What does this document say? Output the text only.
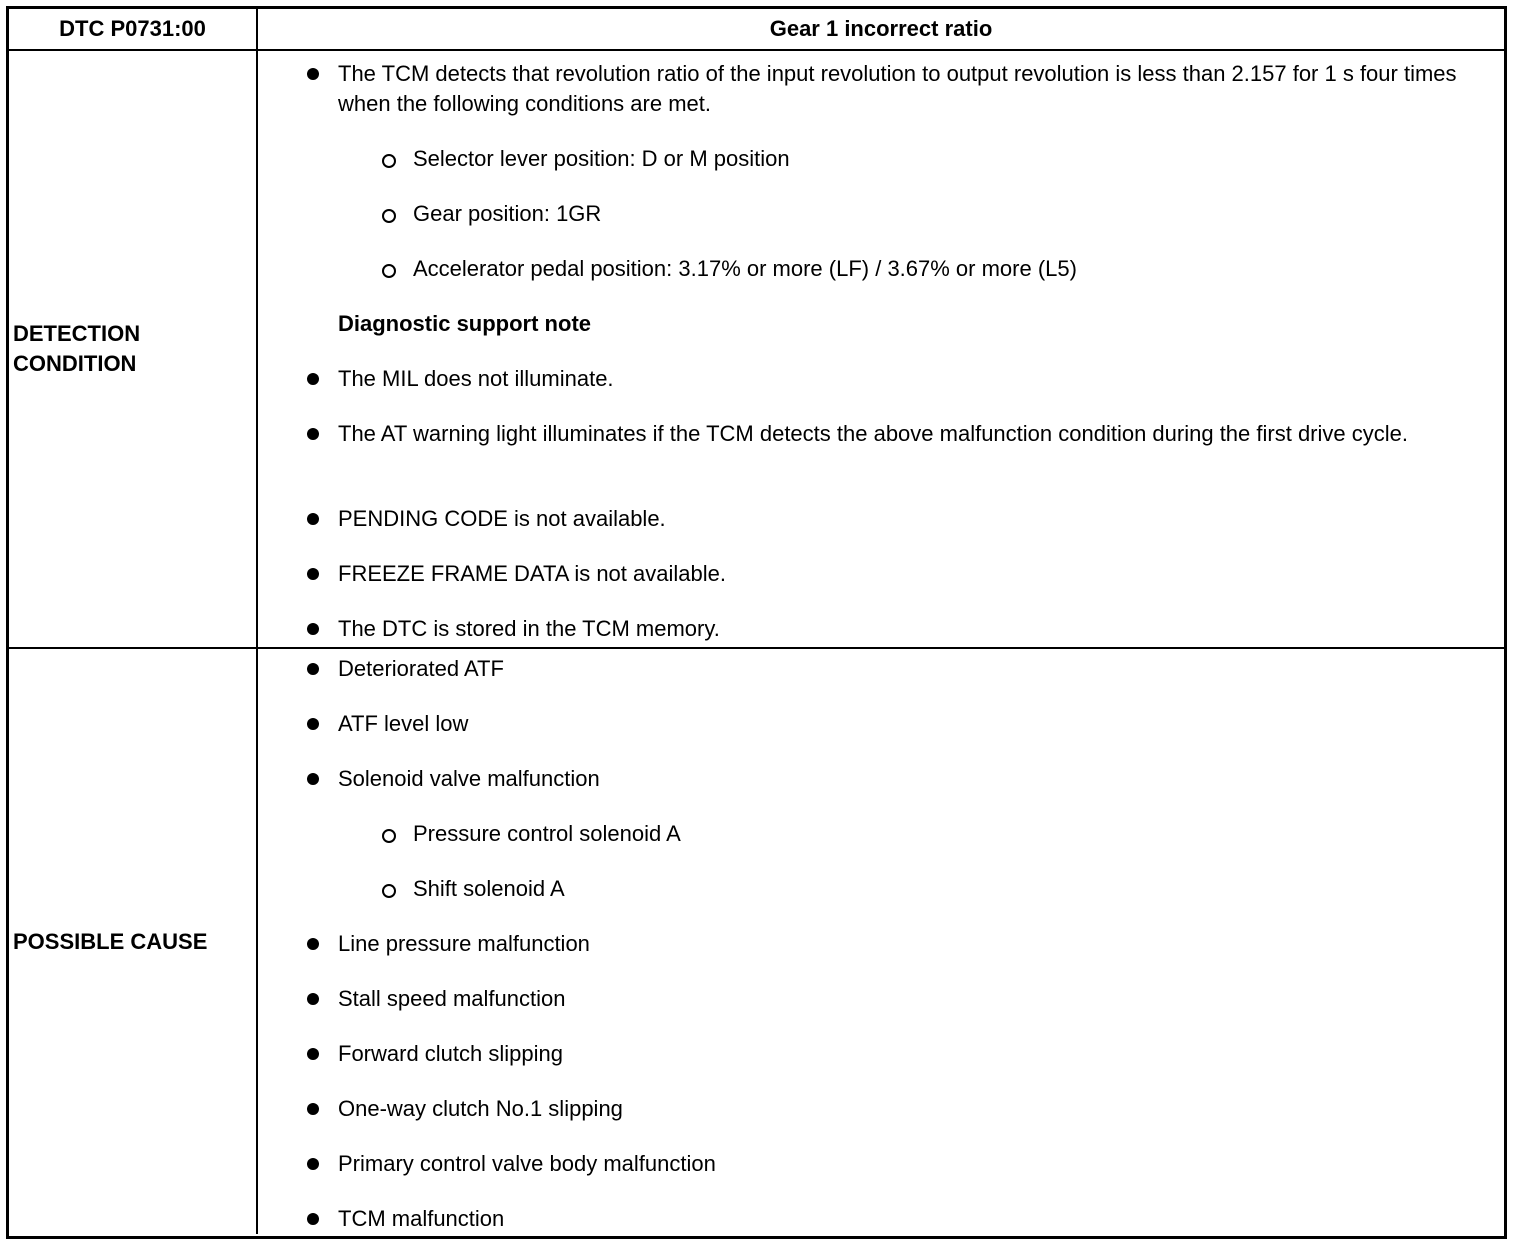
DTC P0731:00	Gear 1 incorrect ratio
DETECTION CONDITION
The TCM detects that revolution ratio of the input revolution to output revolution is less than 2.157 for 1 s four times when the following conditions are met.
Selector lever position: D or M position
Gear position: 1GR
Accelerator pedal position: 3.17% or more (LF) / 3.67% or more (L5)
Diagnostic support note
The MIL does not illuminate.
The AT warning light illuminates if the TCM detects the above malfunction condition during the first drive cycle.
PENDING CODE is not available.
FREEZE FRAME DATA is not available.
The DTC is stored in the TCM memory.
POSSIBLE CAUSE
Deteriorated ATF
ATF level low
Solenoid valve malfunction
Pressure control solenoid A
Shift solenoid A
Line pressure malfunction
Stall speed malfunction
Forward clutch slipping
One-way clutch No.1 slipping
Primary control valve body malfunction
TCM malfunction
